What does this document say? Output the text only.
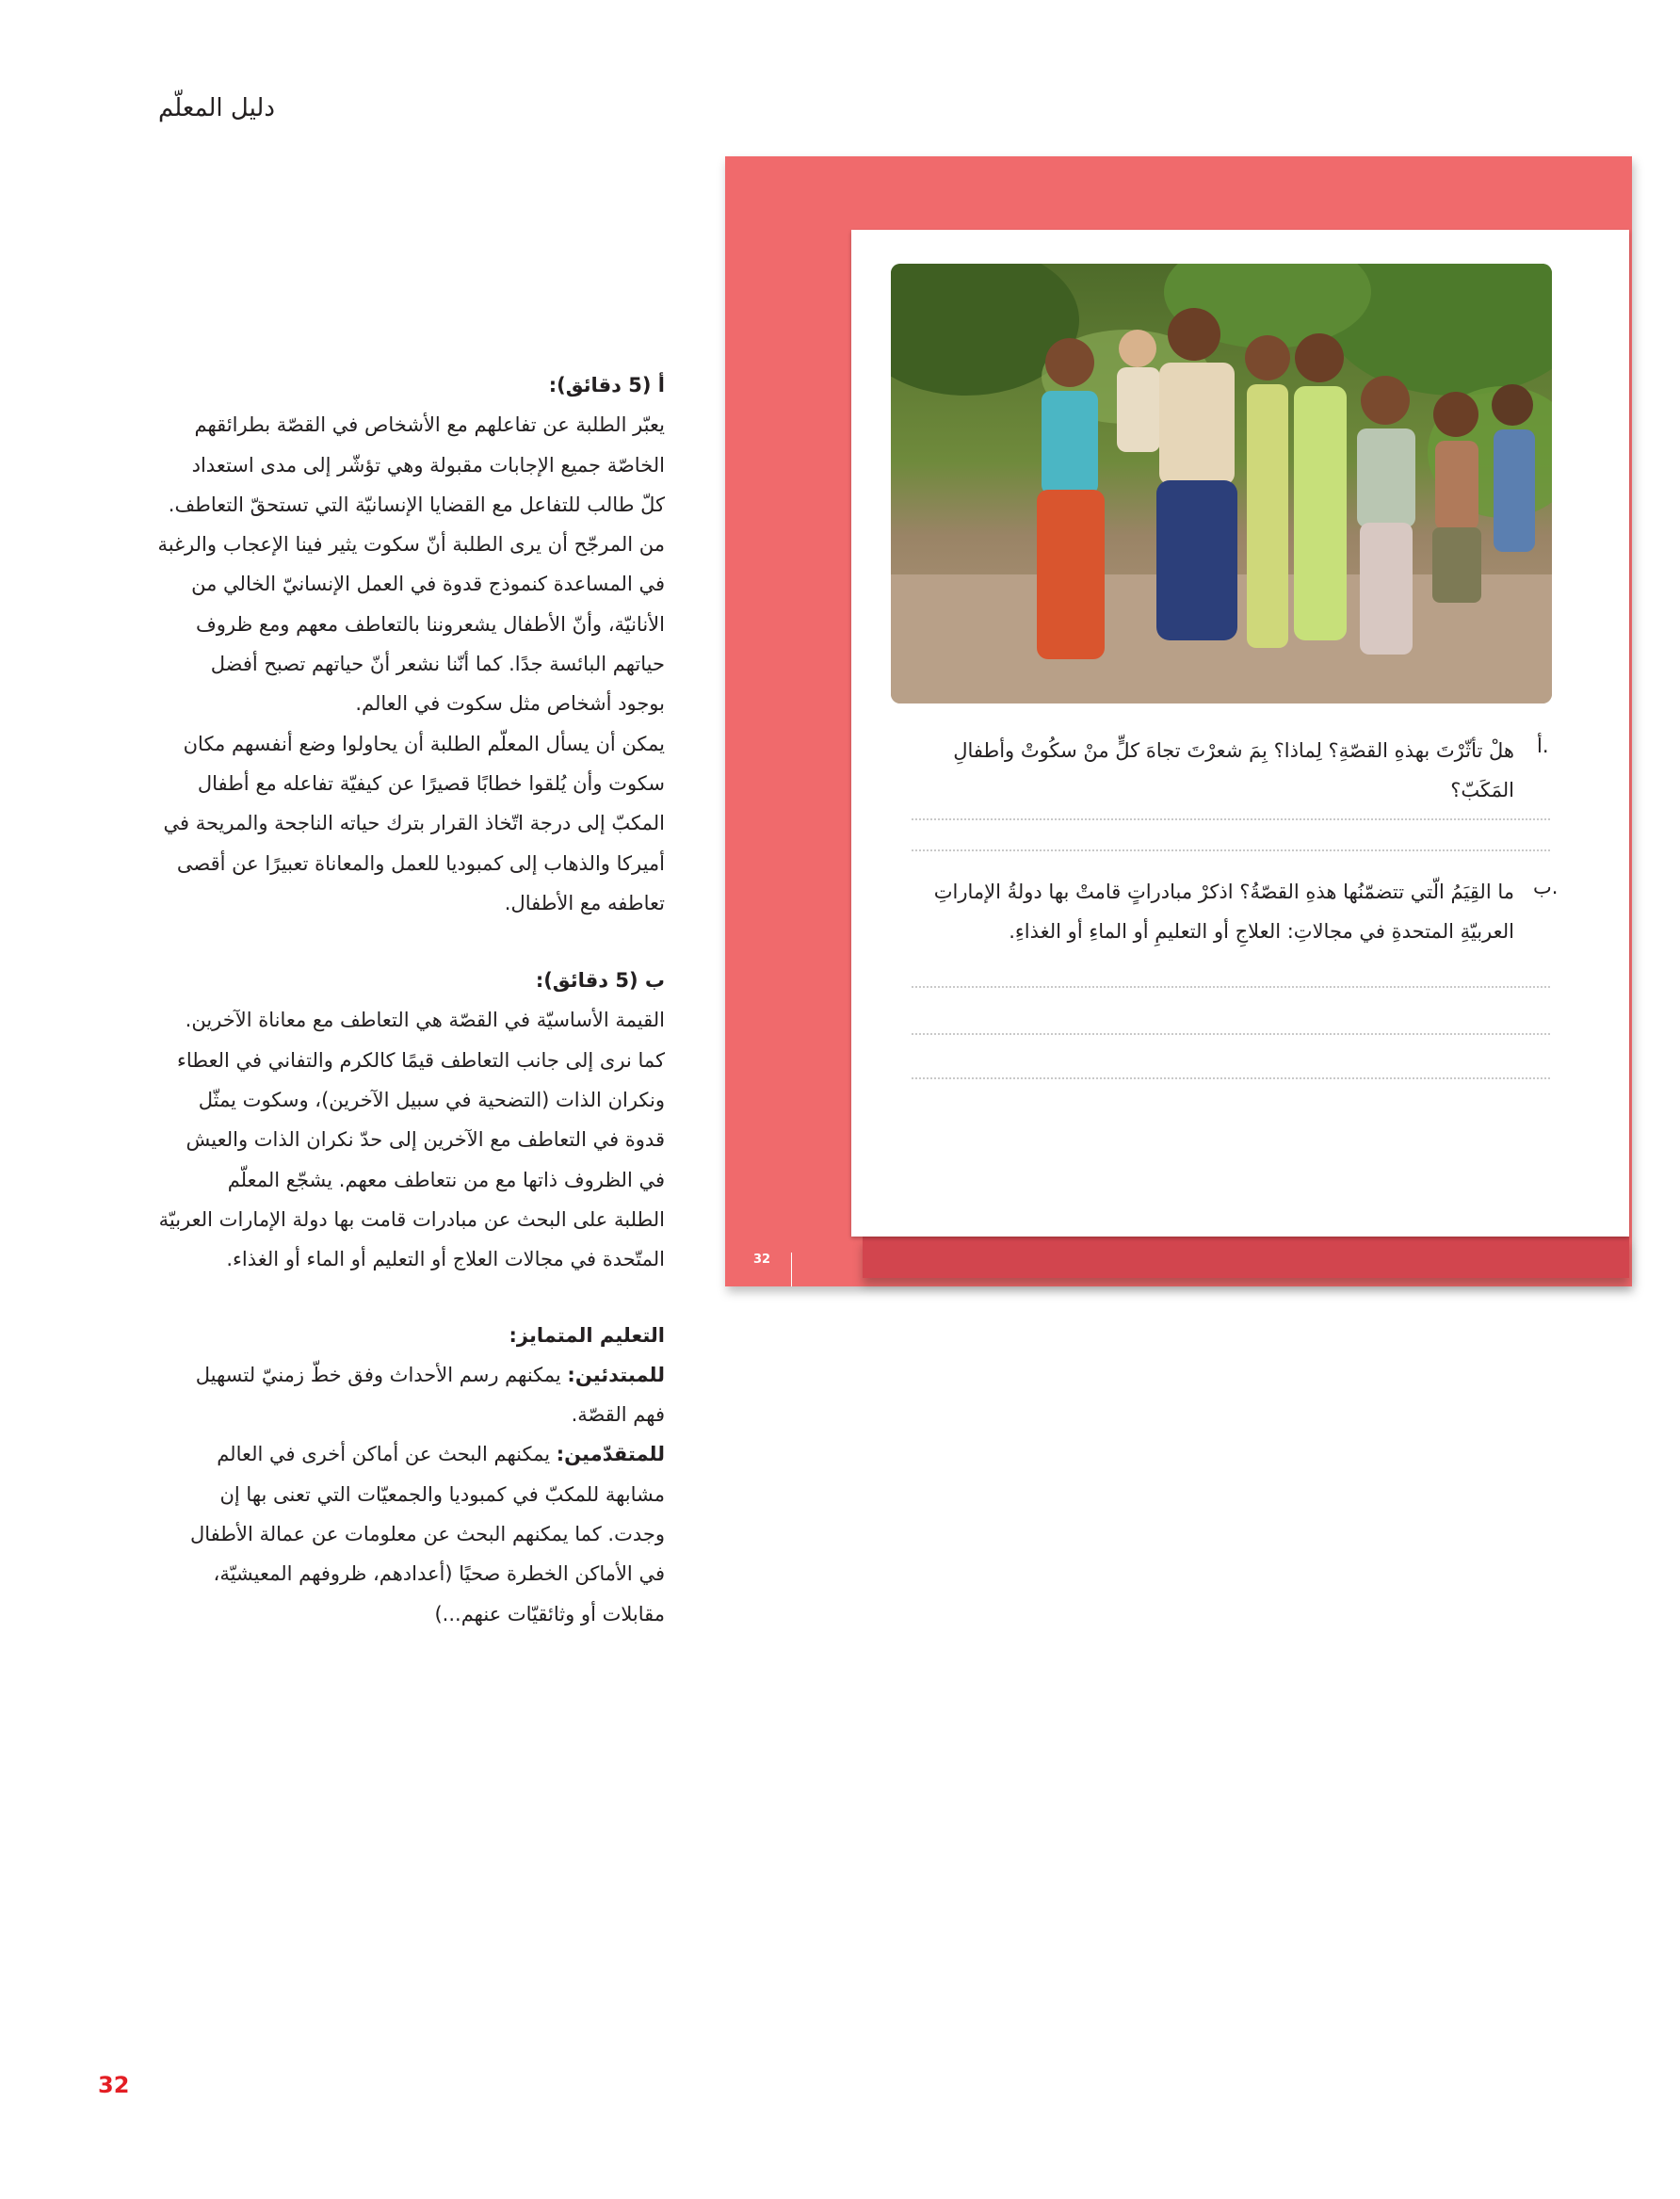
دليل المعلّم

أ (5 دقائق):

يعبّر الطلبة عن تفاعلهم مع الأشخاص في القصّة بطرائقهم

الخاصّة جميع الإجابات مقبولة وهي تؤشّر إلى مدى استعداد

كلّ طالب للتفاعل مع القضايا الإنسانيّة التي تستحقّ التعاطف.

من المرجّح أن يرى الطلبة أنّ سكوت يثير فينا الإعجاب والرغبة

في المساعدة كنموذج قدوة في العمل الإنسانيّ الخالي من

الأنانيّة، وأنّ الأطفال يشعروننا بالتعاطف معهم ومع ظروف

حياتهم البائسة جدًا. كما أنّنا نشعر أنّ حياتهم تصبح أفضل

بوجود أشخاص مثل سكوت في العالم.

يمكن أن يسأل المعلّم الطلبة أن يحاولوا وضع أنفسهم مكان

سكوت وأن يُلقوا خطابًا قصيرًا عن كيفيّة تفاعله مع أطفال

المكبّ إلى درجة اتّخاذ القرار بترك حياته الناجحة والمريحة في

أميركا والذهاب إلى كمبوديا للعمل والمعاناة تعبيرًا عن أقصى

تعاطفه مع الأطفال.

ب (5 دقائق):

القيمة الأساسيّة في القصّة هي التعاطف مع معاناة الآخرين.

كما نرى إلى جانب التعاطف قيمًا كالكرم والتفاني في العطاء

ونكران الذات (التضحية في سبيل الآخرين)، وسكوت يمثّل

قدوة في التعاطف مع الآخرين إلى حدّ نكران الذات والعيش

في الظروف ذاتها مع من نتعاطف معهم. يشجّع المعلّم

الطلبة على البحث عن مبادرات قامت بها دولة الإمارات العربيّة

المتّحدة في مجالات العلاج أو التعليم أو الماء أو الغذاء.

التعليم المتمايز:

للمبتدئين: يمكنهم رسم الأحداث وفق خطّ زمنيّ لتسهيل

فهم القصّة.

للمتقدّمين: يمكنهم البحث عن أماكن أخرى في العالم

مشابهة للمكبّ في كمبوديا والجمعيّات التي تعنى بها إن

وجدت. كما يمكنهم البحث عن معلومات عن عمالة الأطفال

في الأماكن الخطرة صحيًا (أعدادهم، ظروفهم المعيشيّة،

مقابلات أو وثائقيّات عنهم...)

أ.
هلْ تأثّرْتَ بهذهِ القصّةِ؟ لِماذا؟ بِمَ شعرْتَ تجاهَ كلٍّ منْ سكُوتْ وأطفالِ
المَكَبّ؟
ب.
ما القِيَمُ الّتي تتضمّنُها هذهِ القصّةُ؟ اذكرْ مبادراتٍ قامتْ بها دولةُ الإماراتِ
العربيّةِ المتحدةِ في مجالاتِ: العلاجِ أو التعليمِ أو الماءِ أو الغذاءِ.
32
32
